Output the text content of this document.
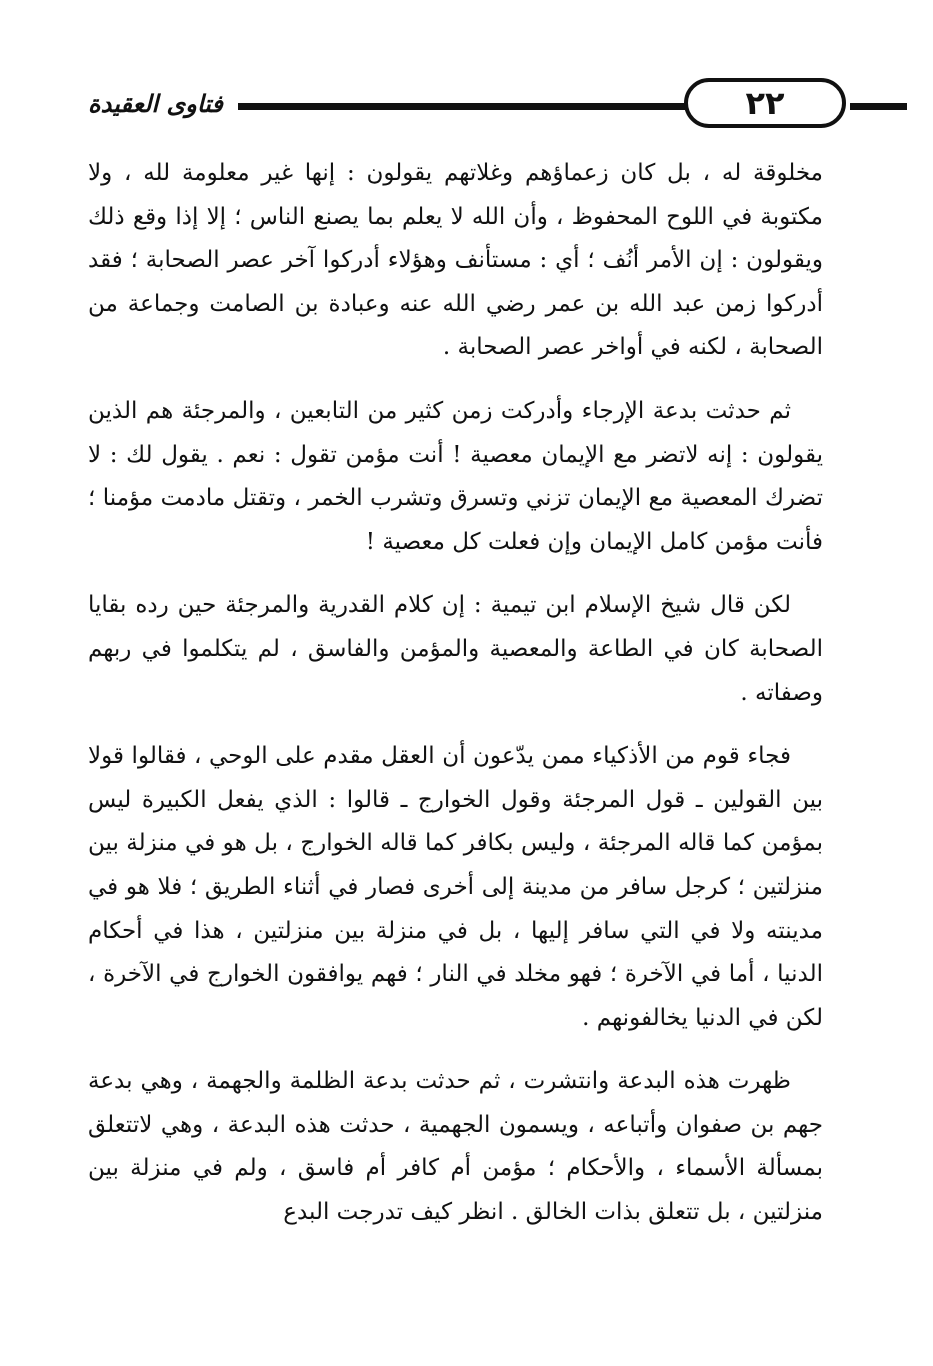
فتاوى العقيدة	٢٢

مخلوقة له ، بل كان زعماؤهم وغلاتهم يقولون : إنها غير معلومة لله ، ولا مكتوبة في اللوح المحفوظ ، وأن الله لا يعلم بما يصنع الناس ؛ إلا إذا وقع ذلك ويقولون : إن الأمر أنُف ؛ أي : مستأنف وهؤلاء أدركوا آخر عصر الصحابة ؛ فقد أدركوا زمن عبد الله بن عمر رضي الله عنه وعبادة بن الصامت وجماعة من الصحابة ، لكنه في أواخر عصر الصحابة .

ثم حدثت بدعة الإرجاء وأدركت زمن كثير من التابعين ، والمرجئة هم الذين يقولون : إنه لاتضر مع الإيمان معصية ! أنت مؤمن تقول : نعم . يقول لك : لا تضرك المعصية مع الإيمان تزني وتسرق وتشرب الخمر ، وتقتل مادمت مؤمنا ؛ فأنت مؤمن كامل الإيمان وإن فعلت كل معصية !

لكن قال شيخ الإسلام ابن تيمية : إن كلام القدرية والمرجئة حين رده بقايا الصحابة كان في الطاعة والمعصية والمؤمن والفاسق ، لم يتكلموا في ربهم وصفاته .

فجاء قوم من الأذكياء ممن يدّعون أن العقل مقدم على الوحي ، فقالوا قولا بين القولين ـ قول المرجئة وقول الخوارج ـ قالوا : الذي يفعل الكبيرة ليس بمؤمن كما قاله المرجئة ، وليس بكافر كما قاله الخوارج ، بل هو في منزلة بين منزلتين ؛ كرجل سافر من مدينة إلى أخرى فصار في أثناء الطريق ؛ فلا هو في مدينته ولا في التي سافر إليها ، بل في منزلة بين منزلتين ، هذا في أحكام الدنيا ، أما في الآخرة ؛ فهو مخلد في النار ؛ فهم يوافقون الخوارج في الآخرة ، لكن في الدنيا يخالفونهم .

ظهرت هذه البدعة وانتشرت ، ثم حدثت بدعة الظلمة والجهمة ، وهي بدعة جهم بن صفوان وأتباعه ، ويسمون الجهمية ، حدثت هذه البدعة ، وهي لاتتعلق بمسألة الأسماء ، والأحكام ؛ مؤمن أم كافر أم فاسق ، ولم في منزلة بين منزلتين ، بل تتعلق بذات الخالق . انظر كيف تدرجت البدع
